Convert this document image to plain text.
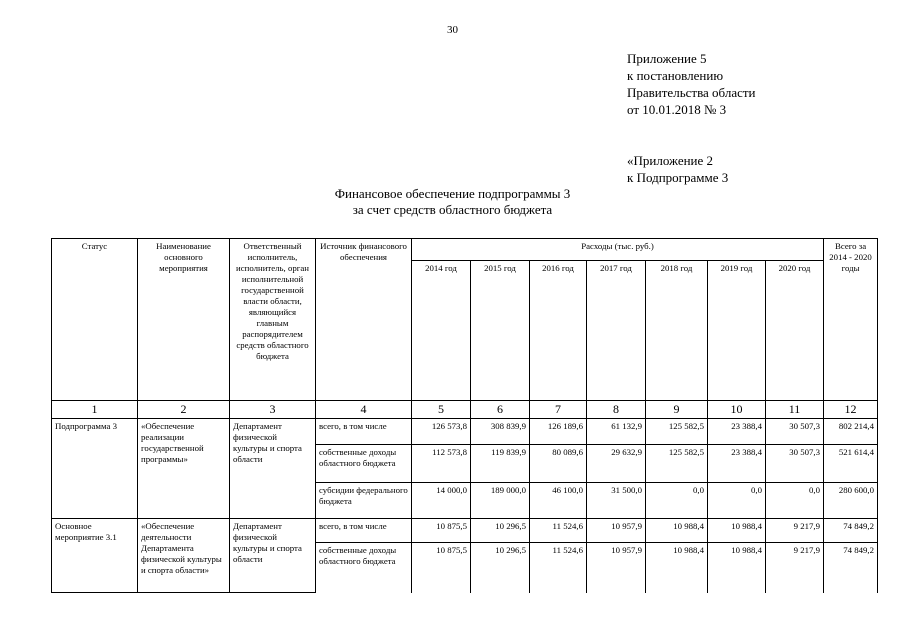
30
Приложение 5
к постановлению
Правительства области
от 10.01.2018 № 3
«Приложение 2
к Подпрограмме 3
Финансовое обеспечение подпрограммы 3
за счет средств областного бюджета
Статус	Наименование основного мероприятия	Ответственный исполнитель, исполнитель, орган исполнительной государственной власти области, являющийся главным распорядителем средств областного бюджета	Источник финансового обеспечения	Расходы (тыс. руб.)							Всего за 2014 - 2020 годы
				2014 год	2015 год	2016 год	2017 год	2018 год	2019 год	2020 год	
1	2	3	4	5	6	7	8	9	10	11	12
Подпрограмма 3	«Обеспечение реализации государственной программы»	Департамент физической культуры и спорта области	всего, в том числе	126 573,8	308 839,9	126 189,6	61 132,9	125 582,5	23 388,4	30 507,3	802 214,4
			собственные доходы областного бюджета	112 573,8	119 839,9	80 089,6	29 632,9	125 582,5	23 388,4	30 507,3	521 614,4
			субсидии федерального бюджета	14 000,0	189 000,0	46 100,0	31 500,0	0,0	0,0	0,0	280 600,0
Основное мероприятие 3.1	«Обеспечение деятельности Департамента физической культуры и спорта области»	Департамент физической культуры и спорта области	всего, в том числе	10 875,5	10 296,5	11 524,6	10 957,9	10 988,4	10 988,4	9 217,9	74 849,2
			собственные доходы областного бюджета	10 875,5	10 296,5	11 524,6	10 957,9	10 988,4	10 988,4	9 217,9	74 849,2
